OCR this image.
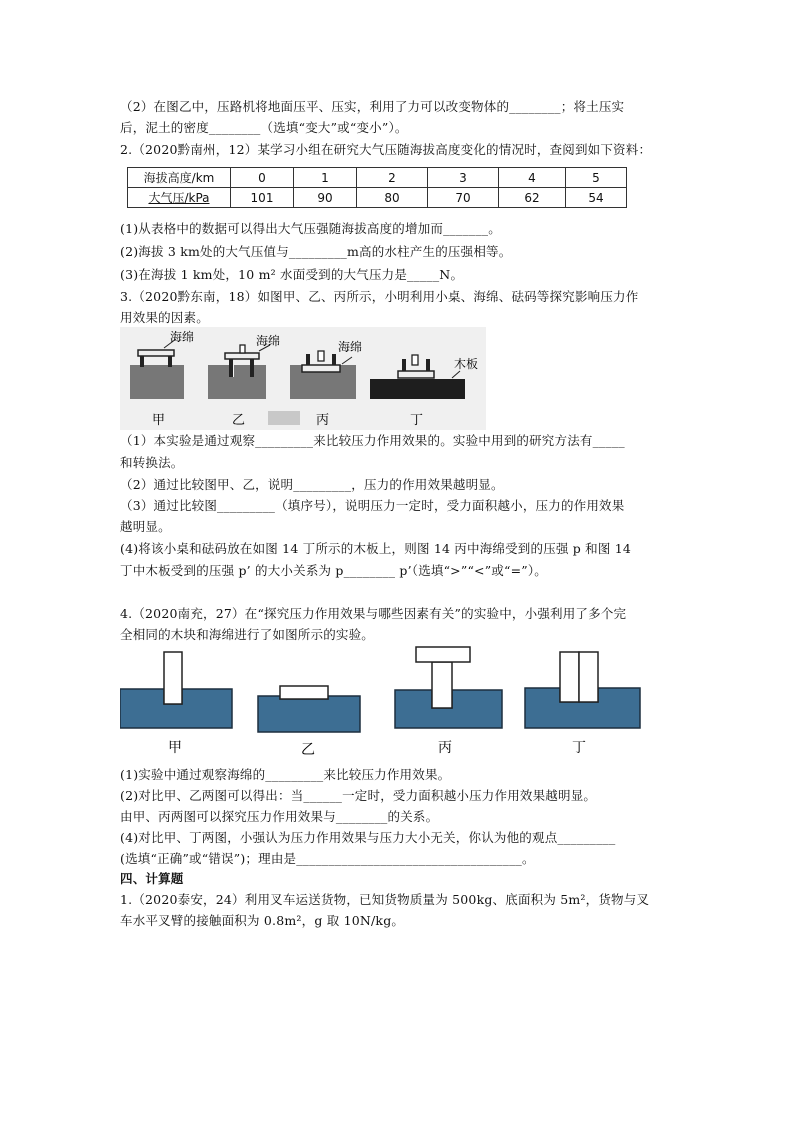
（2）在图乙中，压路机将地面压平、压实，利用了力可以改变物体的________；将土压实
后，泥土的密度________（选填“变大”或“变小”）。
2.（2020黔南州，12）某学习小组在研究大气压随海拔高度变化的情况时，查阅到如下资料：
海拔高度/km	0	1	2	3	4	5
大气压/kPa	101	90	80	70	62	54
(1)从表格中的数据可以得出大气压强随海拔高度的增加而_______。
(2)海拔 3 km处的大气压值与_________m高的水柱产生的压强相等。
(3)在海拔 1 km处，10 m² 水面受到的大气压力是_____N。
3.（2020黔东南，18）如图甲、乙、丙所示，小明利用小桌、海绵、砝码等探究影响压力作
用效果的因素。
海绵	海绵	海绵
木板
甲	乙	丙	丁
（1）本实验是通过观察_________来比较压力作用效果的。实验中用到的研究方法有_____
和转换法。
（2）通过比较图甲、乙，说明_________，压力的作用效果越明显。
（3）通过比较图_________（填序号），说明压力一定时，受力面积越小，压力的作用效果
越明显。
(4)将该小桌和砝码放在如图 14 丁所示的木板上，则图 14 丙中海绵受到的压强 p 和图 14
丁中木板受到的压强 p’ 的大小关系为 p________ p’（选填“>”“<”或“=”）。
4.（2020南充，27）在“探究压力作用效果与哪些因素有关”的实验中，小强利用了多个完
全相同的木块和海绵进行了如图所示的实验。
甲	乙	丙	丁
(1)实验中通过观察海绵的_________来比较压力作用效果。
(2)对比甲、乙两图可以得出：当______一定时，受力面积越小压力作用效果越明显。
由甲、丙两图可以探究压力作用效果与________的关系。
(4)对比甲、丁两图，小强认为压力作用效果与压力大小无关，你认为他的观点_________
(选填“正确”或“错误”)；理由是___________________________________。
四、计算题
1.（2020泰安，24）利用叉车运送货物，已知货物质量为 500kg、底面积为 5m²，货物与叉
车水平叉臂的接触面积为 0.8m²，g 取 10N/kg。
